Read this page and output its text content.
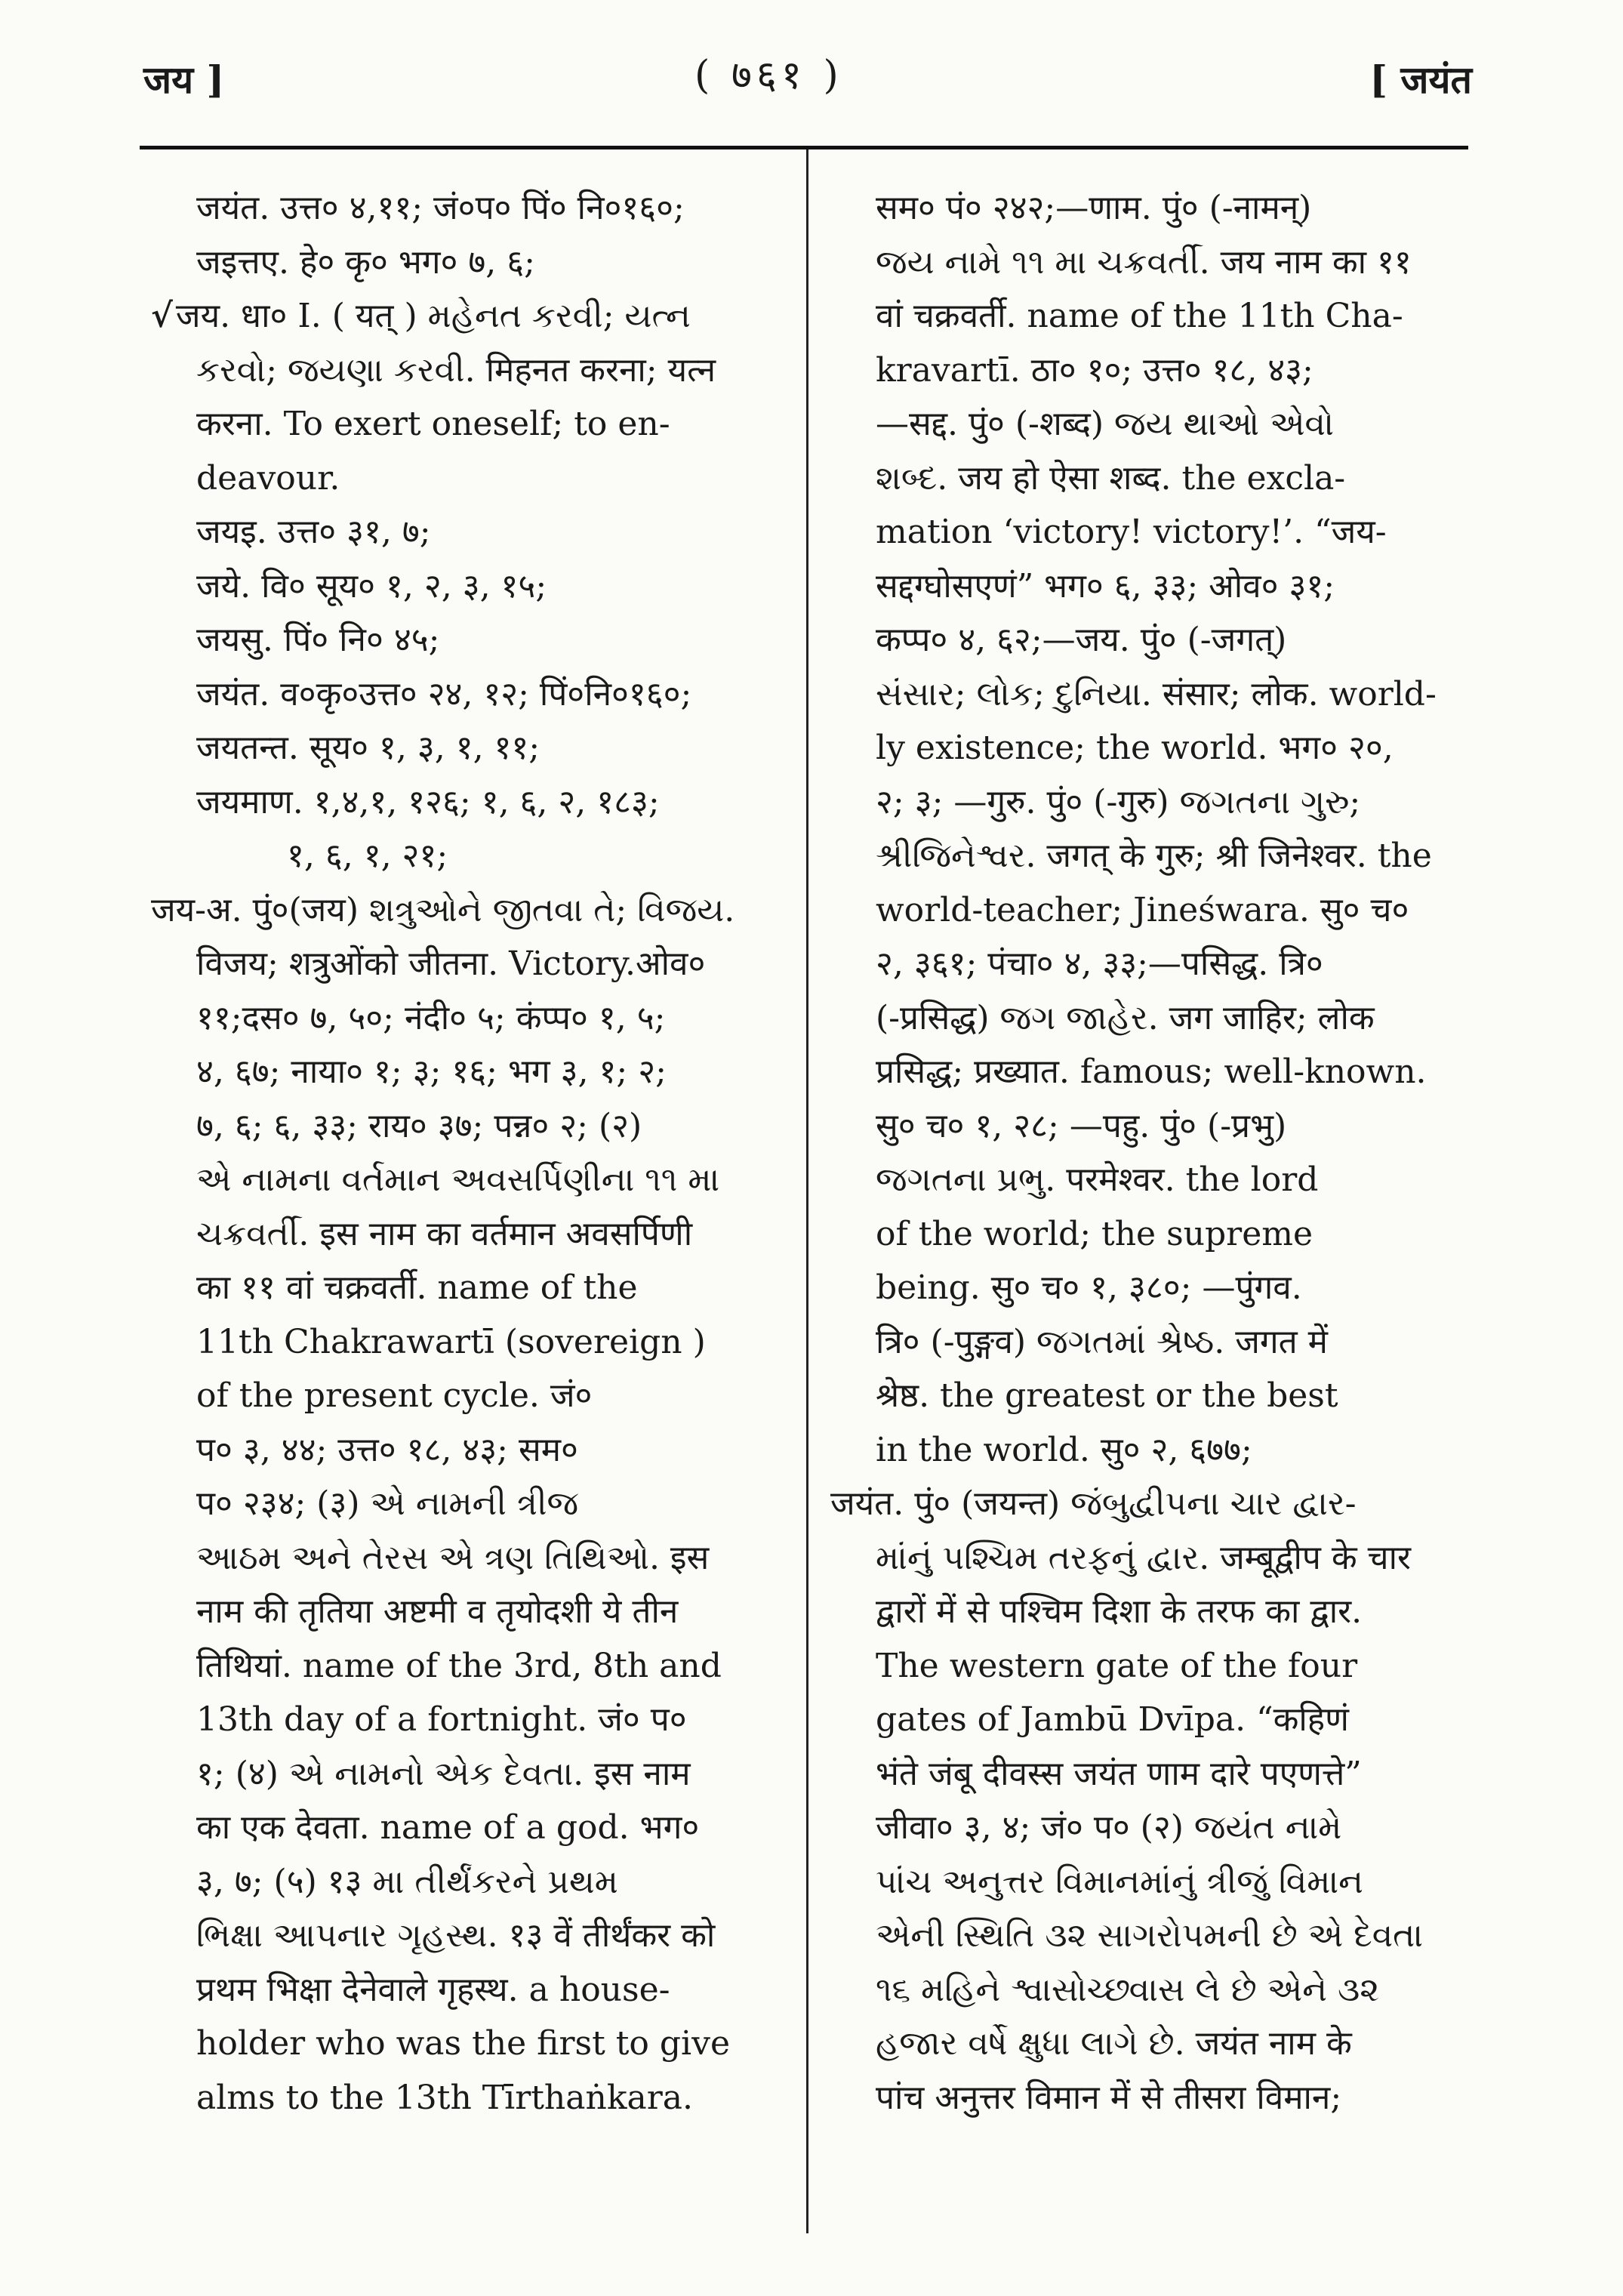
जय ]	( ७६१ )	[ जयंत
जयंत. उत्त० ४,११; जं०प० पिं० नि०१६०;
जइत्तए. हे० कृ० भग० ७, ६;
√जय. धा० I. ( यत् ) મહેનત કરવી; યત્ન
કરવો; જયણા કરવી. मिहनत करना; यत्न
करना. To exert oneself; to en-
deavour.
जयइ. उत्त० ३१, ७;
जये. वि० सूय० १, २, ३, १५;
जयसु. पिं० नि० ४५;
जयंत. व०कृ०उत्त० २४, १२; पिं०नि०१६०;
जयतन्त. सूय० १, ३, १, ११;
जयमाण. १,४,१, १२६; १, ६, २, १८३;
१, ६, १, २१;
जय-अ. पुं०(जय) શત્રુઓને જીતવા તે; વિજય.
विजय; शत्रुओंको जीतना. Victory.ओव०
११;दस० ७, ५०; नंदी० ५; कंप्प० १, ५;
४, ६७; नाया० १; ३; १६; भग ३, १; २;
७, ६; ६, ३३; राय० ३७; पन्न० २; (२)
એ નામના વર્તમાન અવસર્પિણીના ૧૧ મા
ચક્રવર્તી. इस नाम का वर्तमान अवसर्पिणी
का ११ वां चक्रवर्ती. name of the
11th Chakrawartī (sovereign )
of the present cycle. जं०
प० ३, ४४; उत्त० १८, ४३; सम०
प० २३४; (३) એ નામની ત્રીજ
આઠમ અને તેરસ એ ત્રણ તિથિઓ. इस
नाम की तृतिया अष्टमी व तृयोदशी ये तीन
तिथियां. name of the 3rd, 8th and
13th day of a fortnight. जं० प०
१; (४) એ નામનો એક દેવતા. इस नाम
का एक देवता. name of a god. भग०
३, ७; (५) १३ મા તીર્થંકરને પ્રથમ
ભિક્ષા આપનાર ગૃહસ્થ. १३ वें तीर्थंकर को
प्रथम भिक्षा देनेवाले गृहस्थ. a house-
holder who was the first to give
alms to the 13th Tīrthaṅkara.
सम० पं० २४२;—णाम. पुं० (-नामन्)
જય નામે ૧૧ મા ચક્રવર્તી. जय नाम का ११
वां चक्रवर्ती. name of the 11th Cha-
kravartī. ठा० १०; उत्त० १८, ४३;
—सद्द. पुं० (-शब्द) જય થાઓ એવો
શબ્દ. जय हो ऐसा शब्द. the excla-
mation ‘victory! victory!’. “जय-
सद्दग्घोसएणं” भग० ६, ३३; ओव० ३१;
कप्प० ४, ६२;—जय. पुं० (-जगत्)
સંસાર; લોક; દુનિયા. संसार; लोक. world-
ly existence; the world. भग० २०,
२; ३; —गुरु. पुं० (-गुरु) જગતના ગુરુ;
શ્રીજિનેશ્વર. जगत् के गुरु; श्री जिनेश्वर. the
world-teacher; Jineśwara. सु० च०
२, ३६१; पंचा० ४, ३३;—पसिद्ध. त्रि०
(-प्रसिद्ध) જગ જાહેર. जग जाहिर; लोक
प्रसिद्ध; प्रख्यात. famous; well-known.
सु० च० १, २८; —पहु. पुं० (-प्रभु)
જગતના પ્રભુ. परमेश्वर. the lord
of the world; the supreme
being. सु० च० १, ३८०; —पुंगव.
त्रि० (-पुङ्गव) જગતમાં શ્રેષ્ઠ. जगत में
श्रेष्ठ. the greatest or the best
in the world. सु० २, ६७७;
जयंत. पुं० (जयन्त) જંબુદ્વીપના ચાર દ્વાર-
માંનું પશ્ચિમ તરફનું દ્વાર. जम्बूद्वीप के चार
द्वारों में से पश्चिम दिशा के तरफ का द्वार.
The western gate of the four
gates of Jambū Dvīpa. “कहिणं
भंते जंबू दीवस्स जयंत णाम दारे पएणत्ते”
जीवा० ३, ४; जं० प० (२) જયંત નામે
પાંચ અનુત્તર વિમાનમાંનું ત્રીજું વિમાન
એની સ્થિતિ ૩૨ સાગરોપમની છે એ દેવતા
૧૬ મહિને શ્વાસોચ્છ્વાસ લે છે એને ૩૨
હજાર વર્ષે ક્ષુધા લાગે છે. जयंत नाम के
पांच अनुत्तर विमान में से तीसरा विमान;
